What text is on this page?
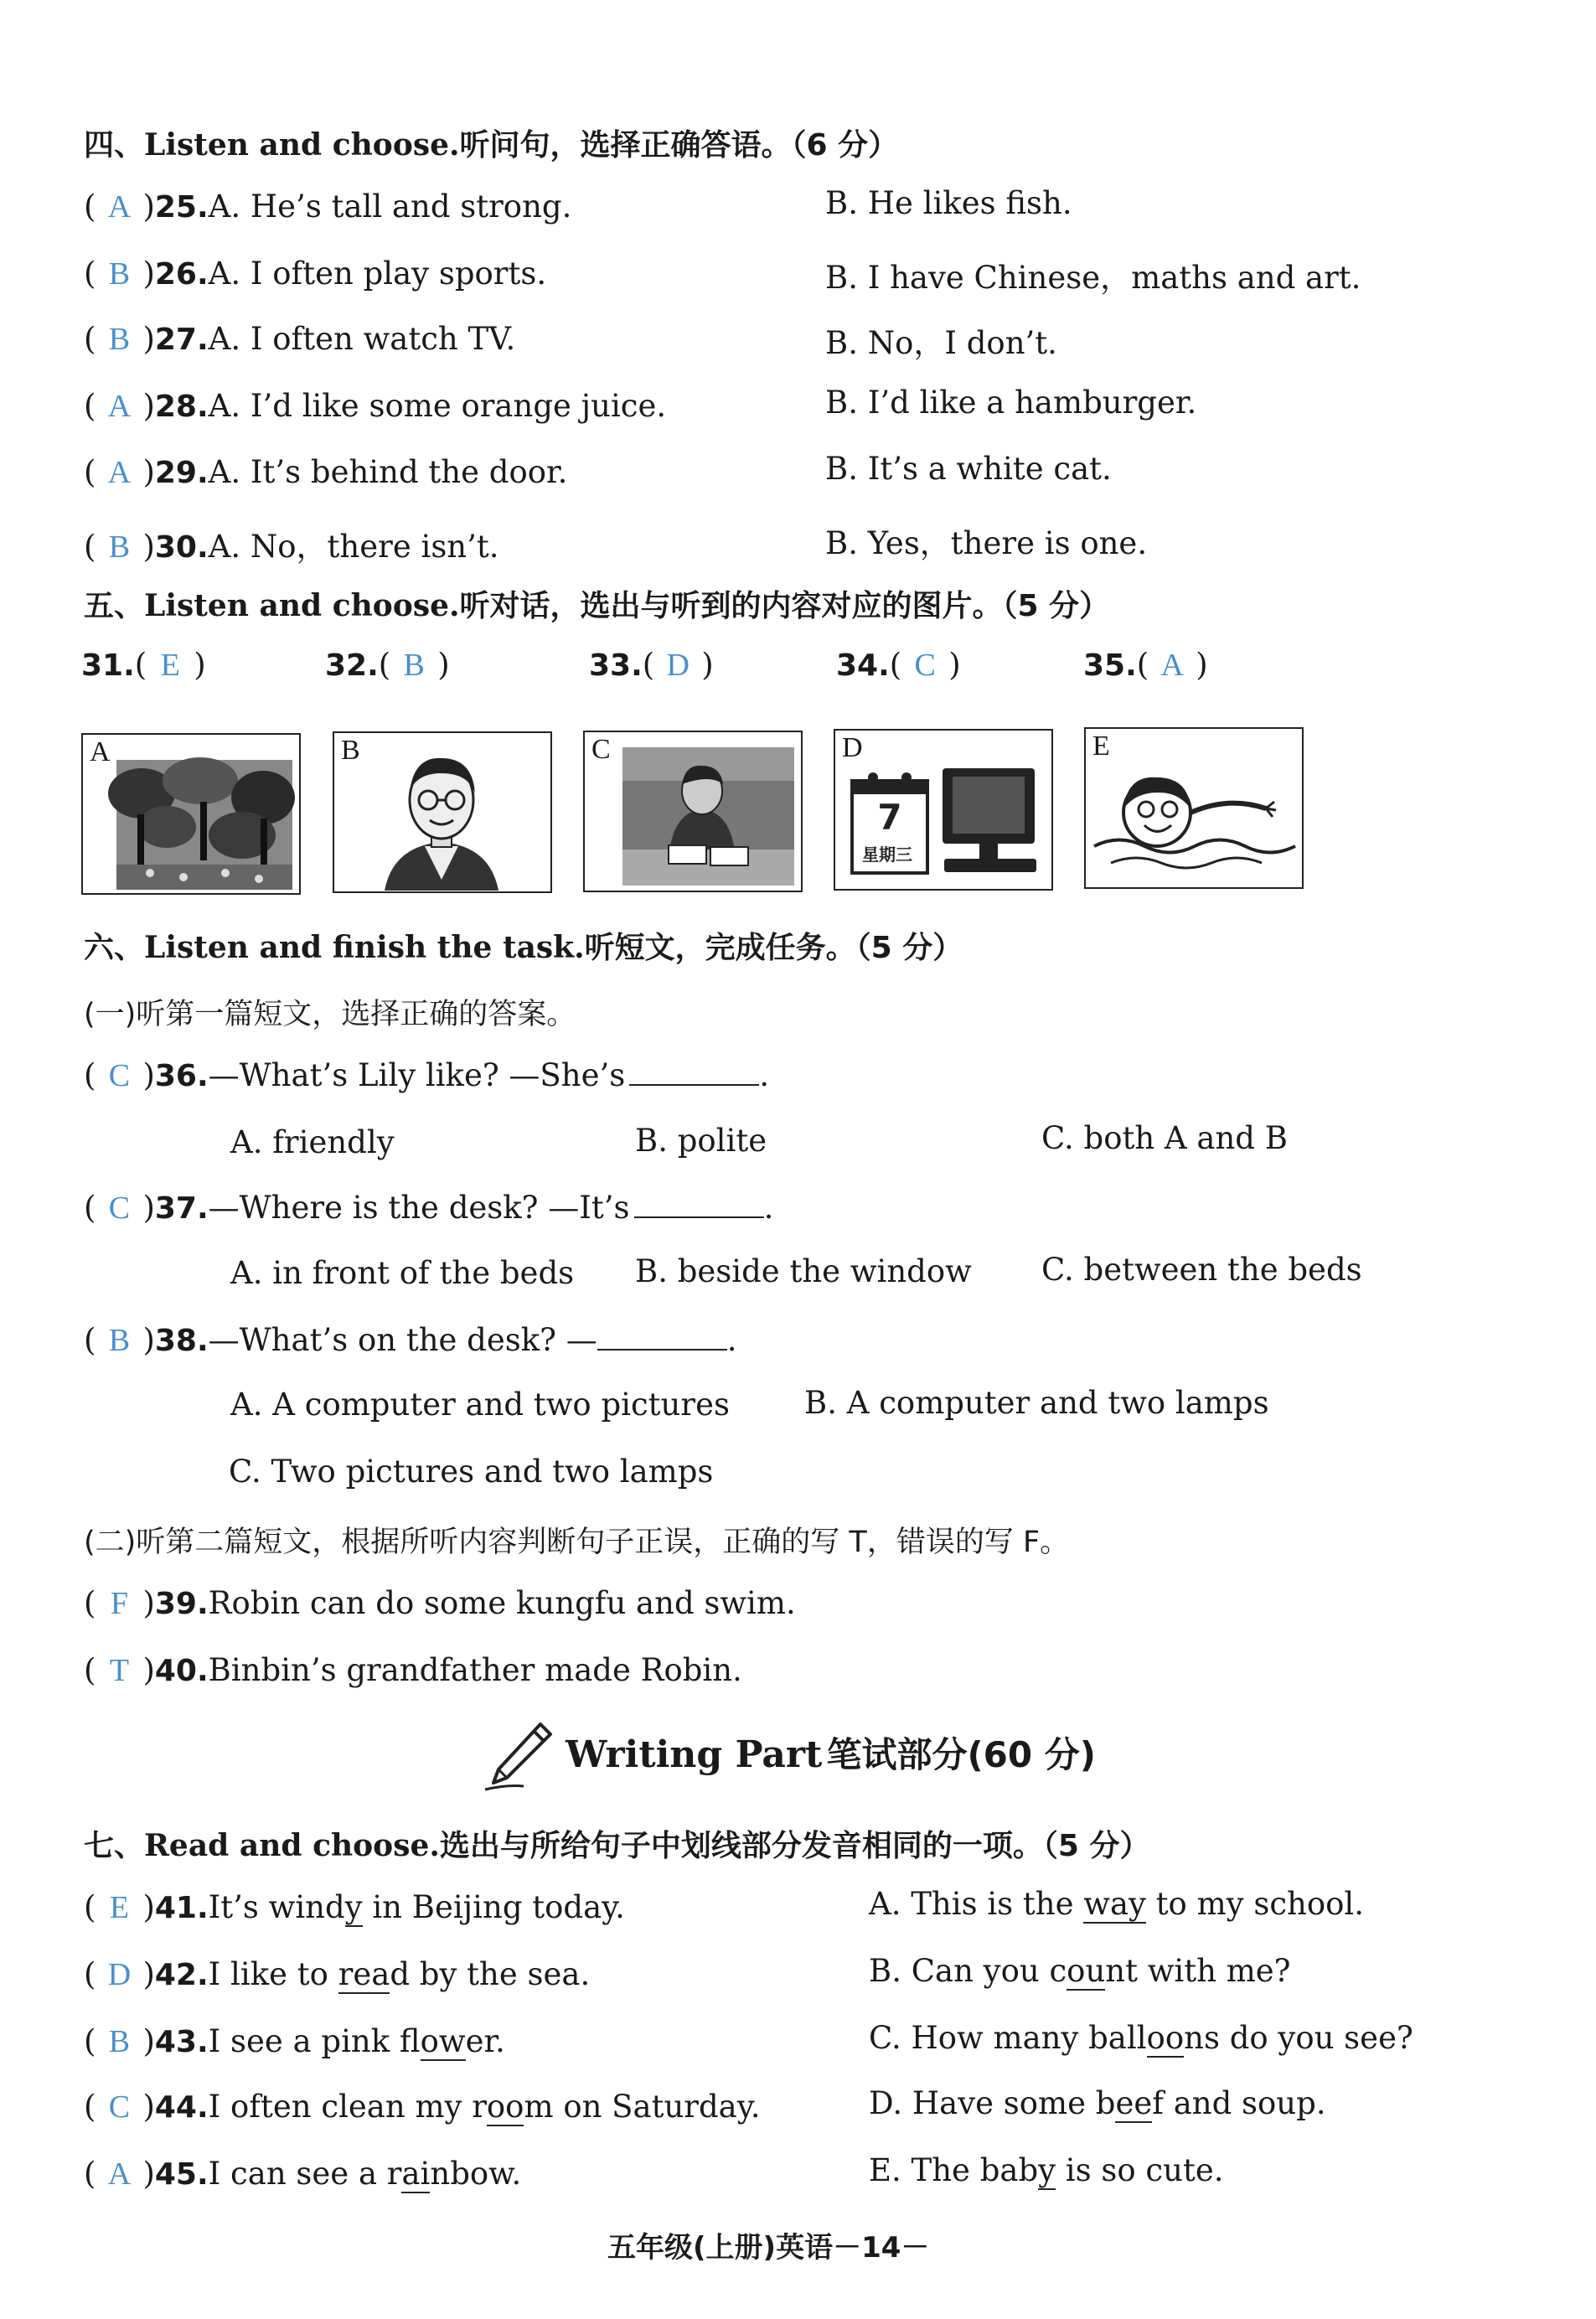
四、Listen and choose.听问句，选择正确答语。（6 分）
( A )25.A. He’s tall and strong.	B. He likes fish.
( B )26.A. I often play sports.	B. I have Chinese，maths and art.
( B )27.A. I often watch TV.	B. No，I don’t.
( A )28.A. I’d like some orange juice.	B. I’d like a hamburger.
( A )29.A. It’s behind the door.	B. It’s a white cat.
( B )30.A. No，there isn’t.	B. Yes，there is one.
五、Listen and choose.听对话，选出与听到的内容对应的图片。（5 分）
31.( E )	32.( B )	33.( D )	34.( C )	35.( A )
A	B	C	D
7
星期三
E
六、Listen and finish the task.听短文，完成任务。（5 分）
(一)听第一篇短文，选择正确的答案。
( C )36.—What’s Lily like? —She’s	.
A. friendly	B. polite	C. both A and B
( C )37.—Where is the desk? —It’s	.
A. in front of the beds B. beside the window C. between the beds
( B )38.—What’s on the desk? —	.
A. A computer and two pictures B. A computer and two lamps
C. Two pictures and two lamps
(二)听第二篇短文，根据所听内容判断句子正误，正确的写 T，错误的写 F。
( F )39.Robin can do some kungfu and swim.
( T )40.Binbin’s grandfather made Robin.
Writing Part 笔试部分(60 分)
七、Read and choose.选出与所给句子中划线部分发音相同的一项。（5 分）
( E )41.It’s windy in Beijing today.	A. This is the way to my school.
( D )42.I like to read by the sea.	B. Can you count with me?
( B )43.I see a pink flower.	C. How many balloons do you see?
( C )44.I often clean my room on Saturday.	D. Have some beef and soup.
( A )45.I can see a rainbow.	E. The baby is so cute.
五年级(上册)英语－14－
